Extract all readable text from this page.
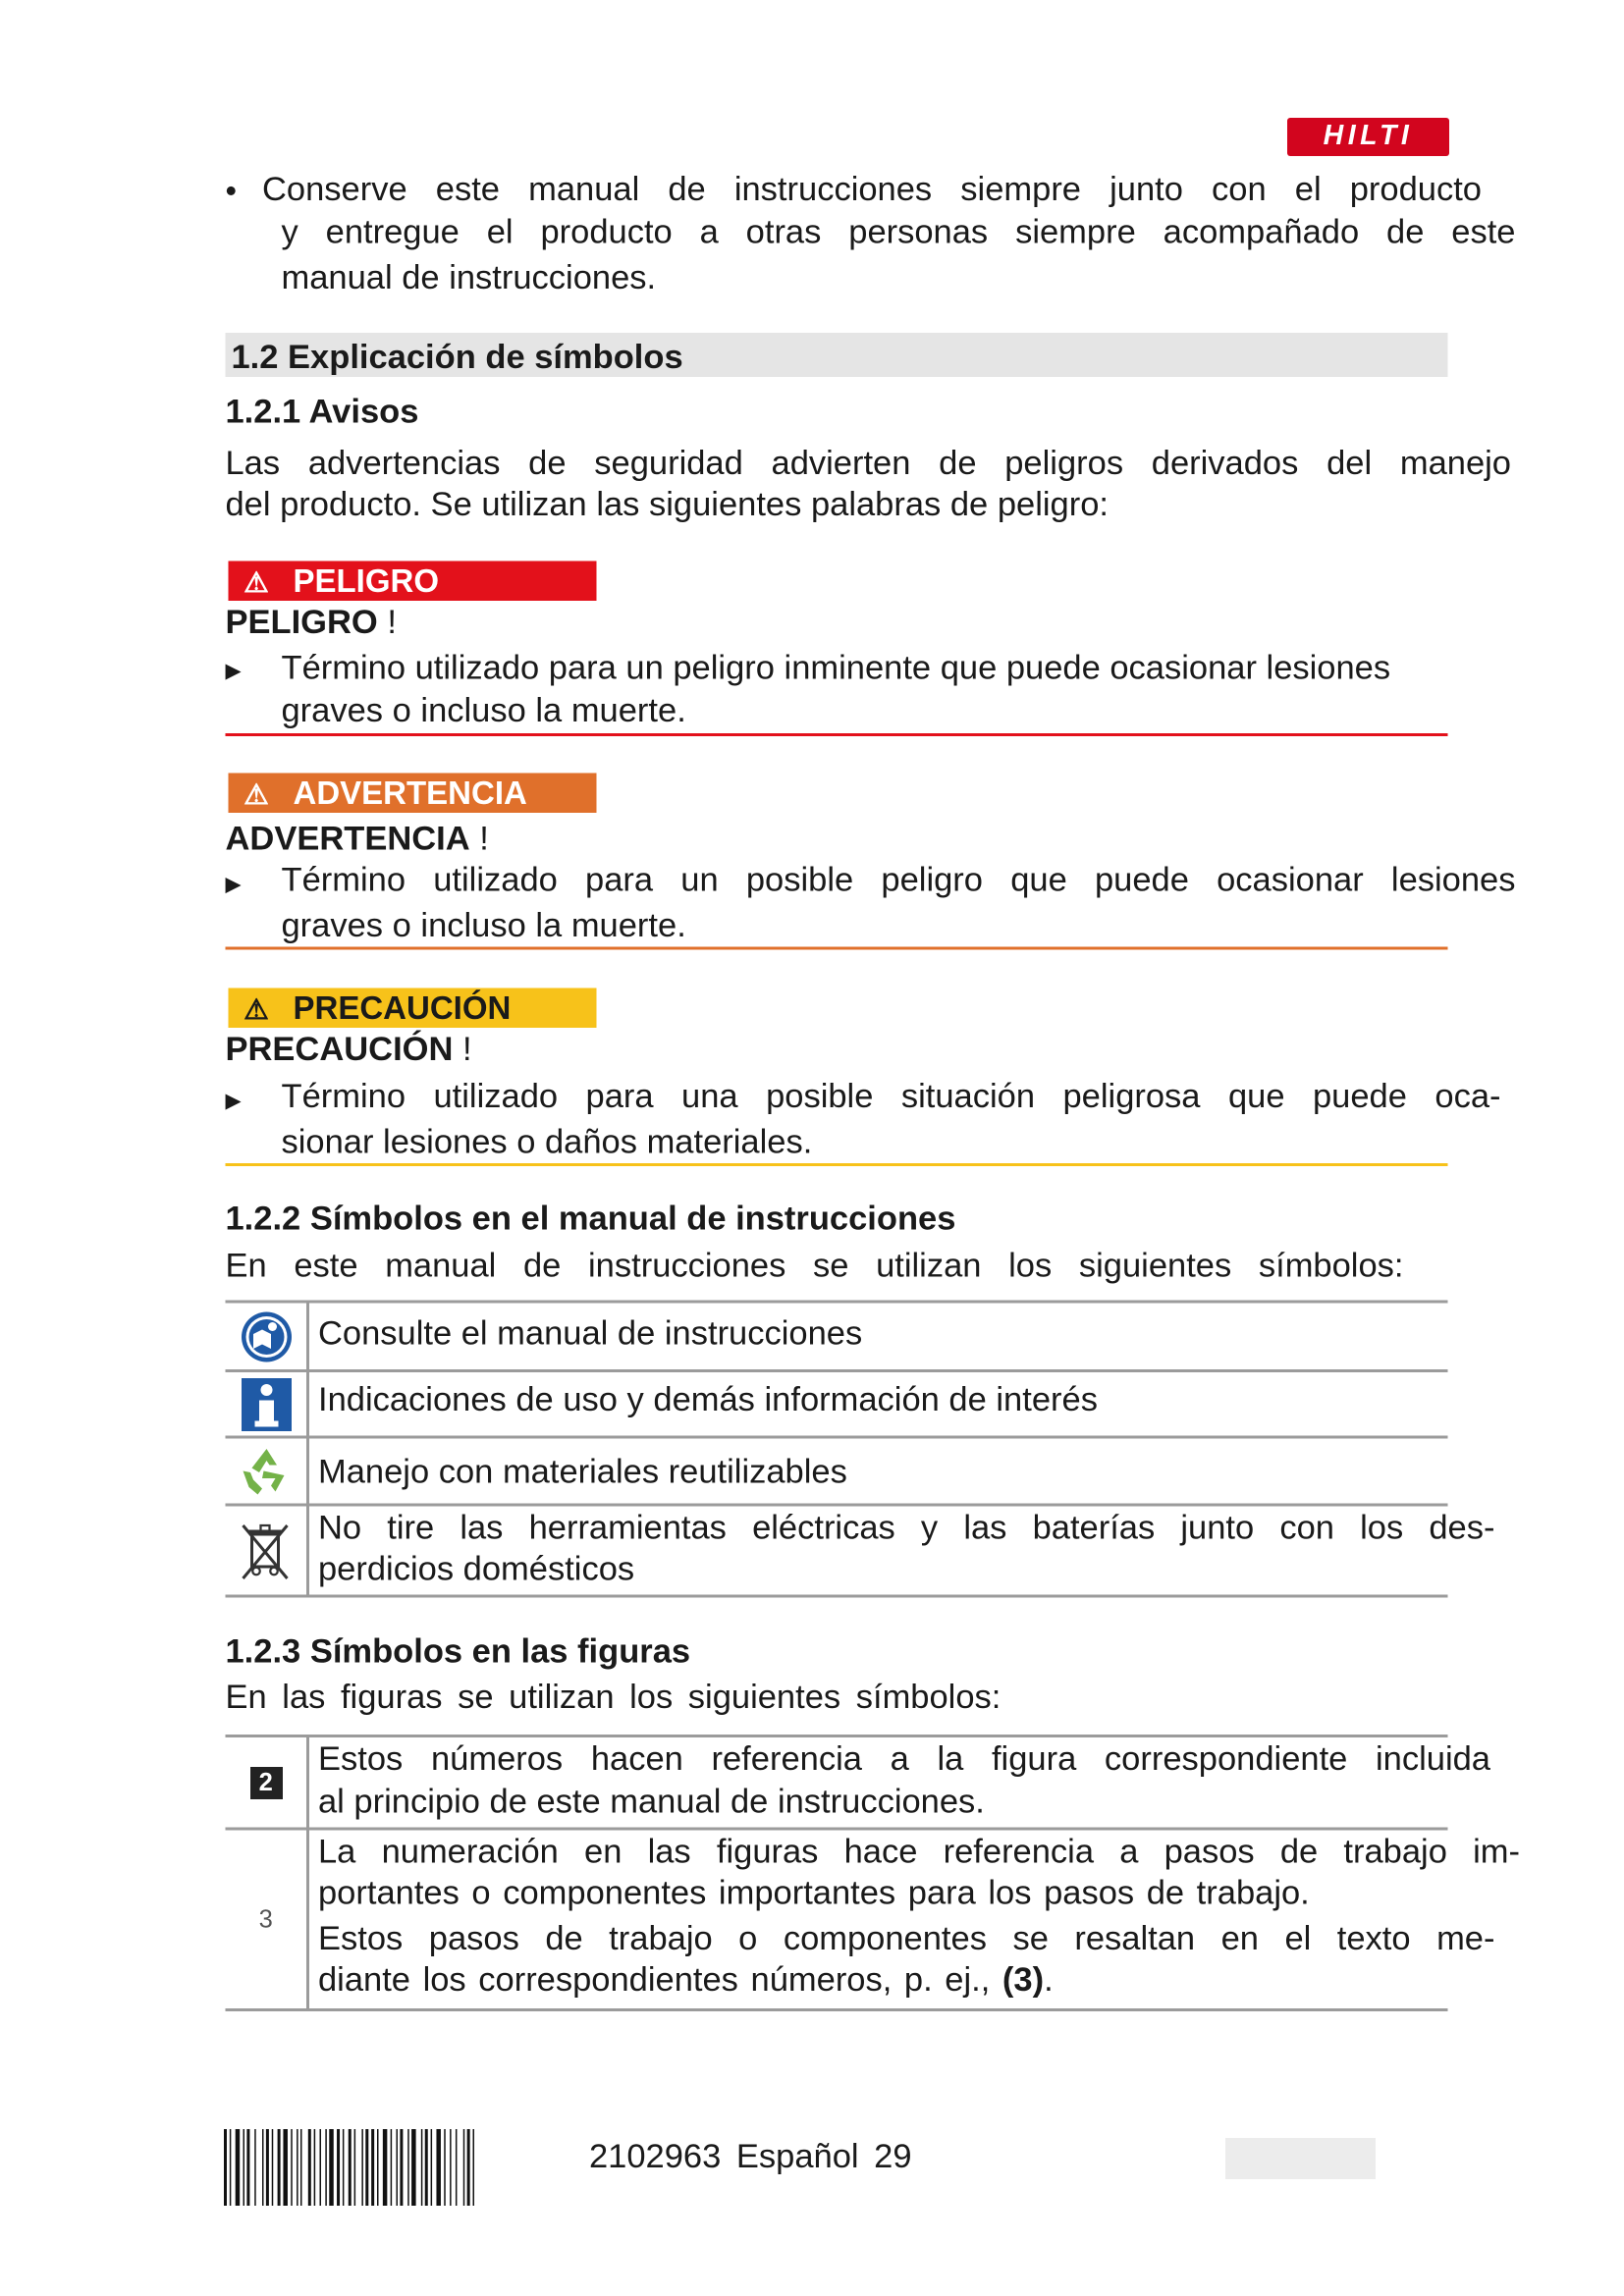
HILTI
•	Conserve este manual de instrucciones siempre junto con el producto
y entregue el producto a otras personas siempre acompañado de este
manual de instrucciones.
1.2 Explicación de símbolos
1.2.1 Avisos
Las advertencias de seguridad advierten de peligros derivados del manejo
del producto. Se utilizan las siguientes palabras de peligro:
⚠ PELIGRO
PELIGRO !
▶ Término utilizado para un peligro inminente que puede ocasionar lesiones
graves o incluso la muerte.
⚠ ADVERTENCIA
ADVERTENCIA !
▶ Término utilizado para un posible peligro que puede ocasionar lesiones
graves o incluso la muerte.
⚠ PRECAUCIÓN
PRECAUCIÓN !
▶ Término utilizado para una posible situación peligrosa que puede oca-
sionar lesiones o daños materiales.
1.2.2 Símbolos en el manual de instrucciones
En este manual de instrucciones se utilizan los siguientes símbolos:
Consulte el manual de instrucciones
Indicaciones de uso y demás información de interés
Manejo con materiales reutilizables
No tire las herramientas eléctricas y las baterías junto con los des-
perdicios domésticos
1.2.3 Símbolos en las figuras
En las figuras se utilizan los siguientes símbolos:
2
Estos números hacen referencia a la figura correspondiente incluida
al principio de este manual de instrucciones.
3
La numeración en las figuras hace referencia a pasos de trabajo im-
portantes o componentes importantes para los pasos de trabajo.
Estos pasos de trabajo o componentes se resaltan en el texto me-
diante los correspondientes números, p. ej., (3).
2102963 Español 29
